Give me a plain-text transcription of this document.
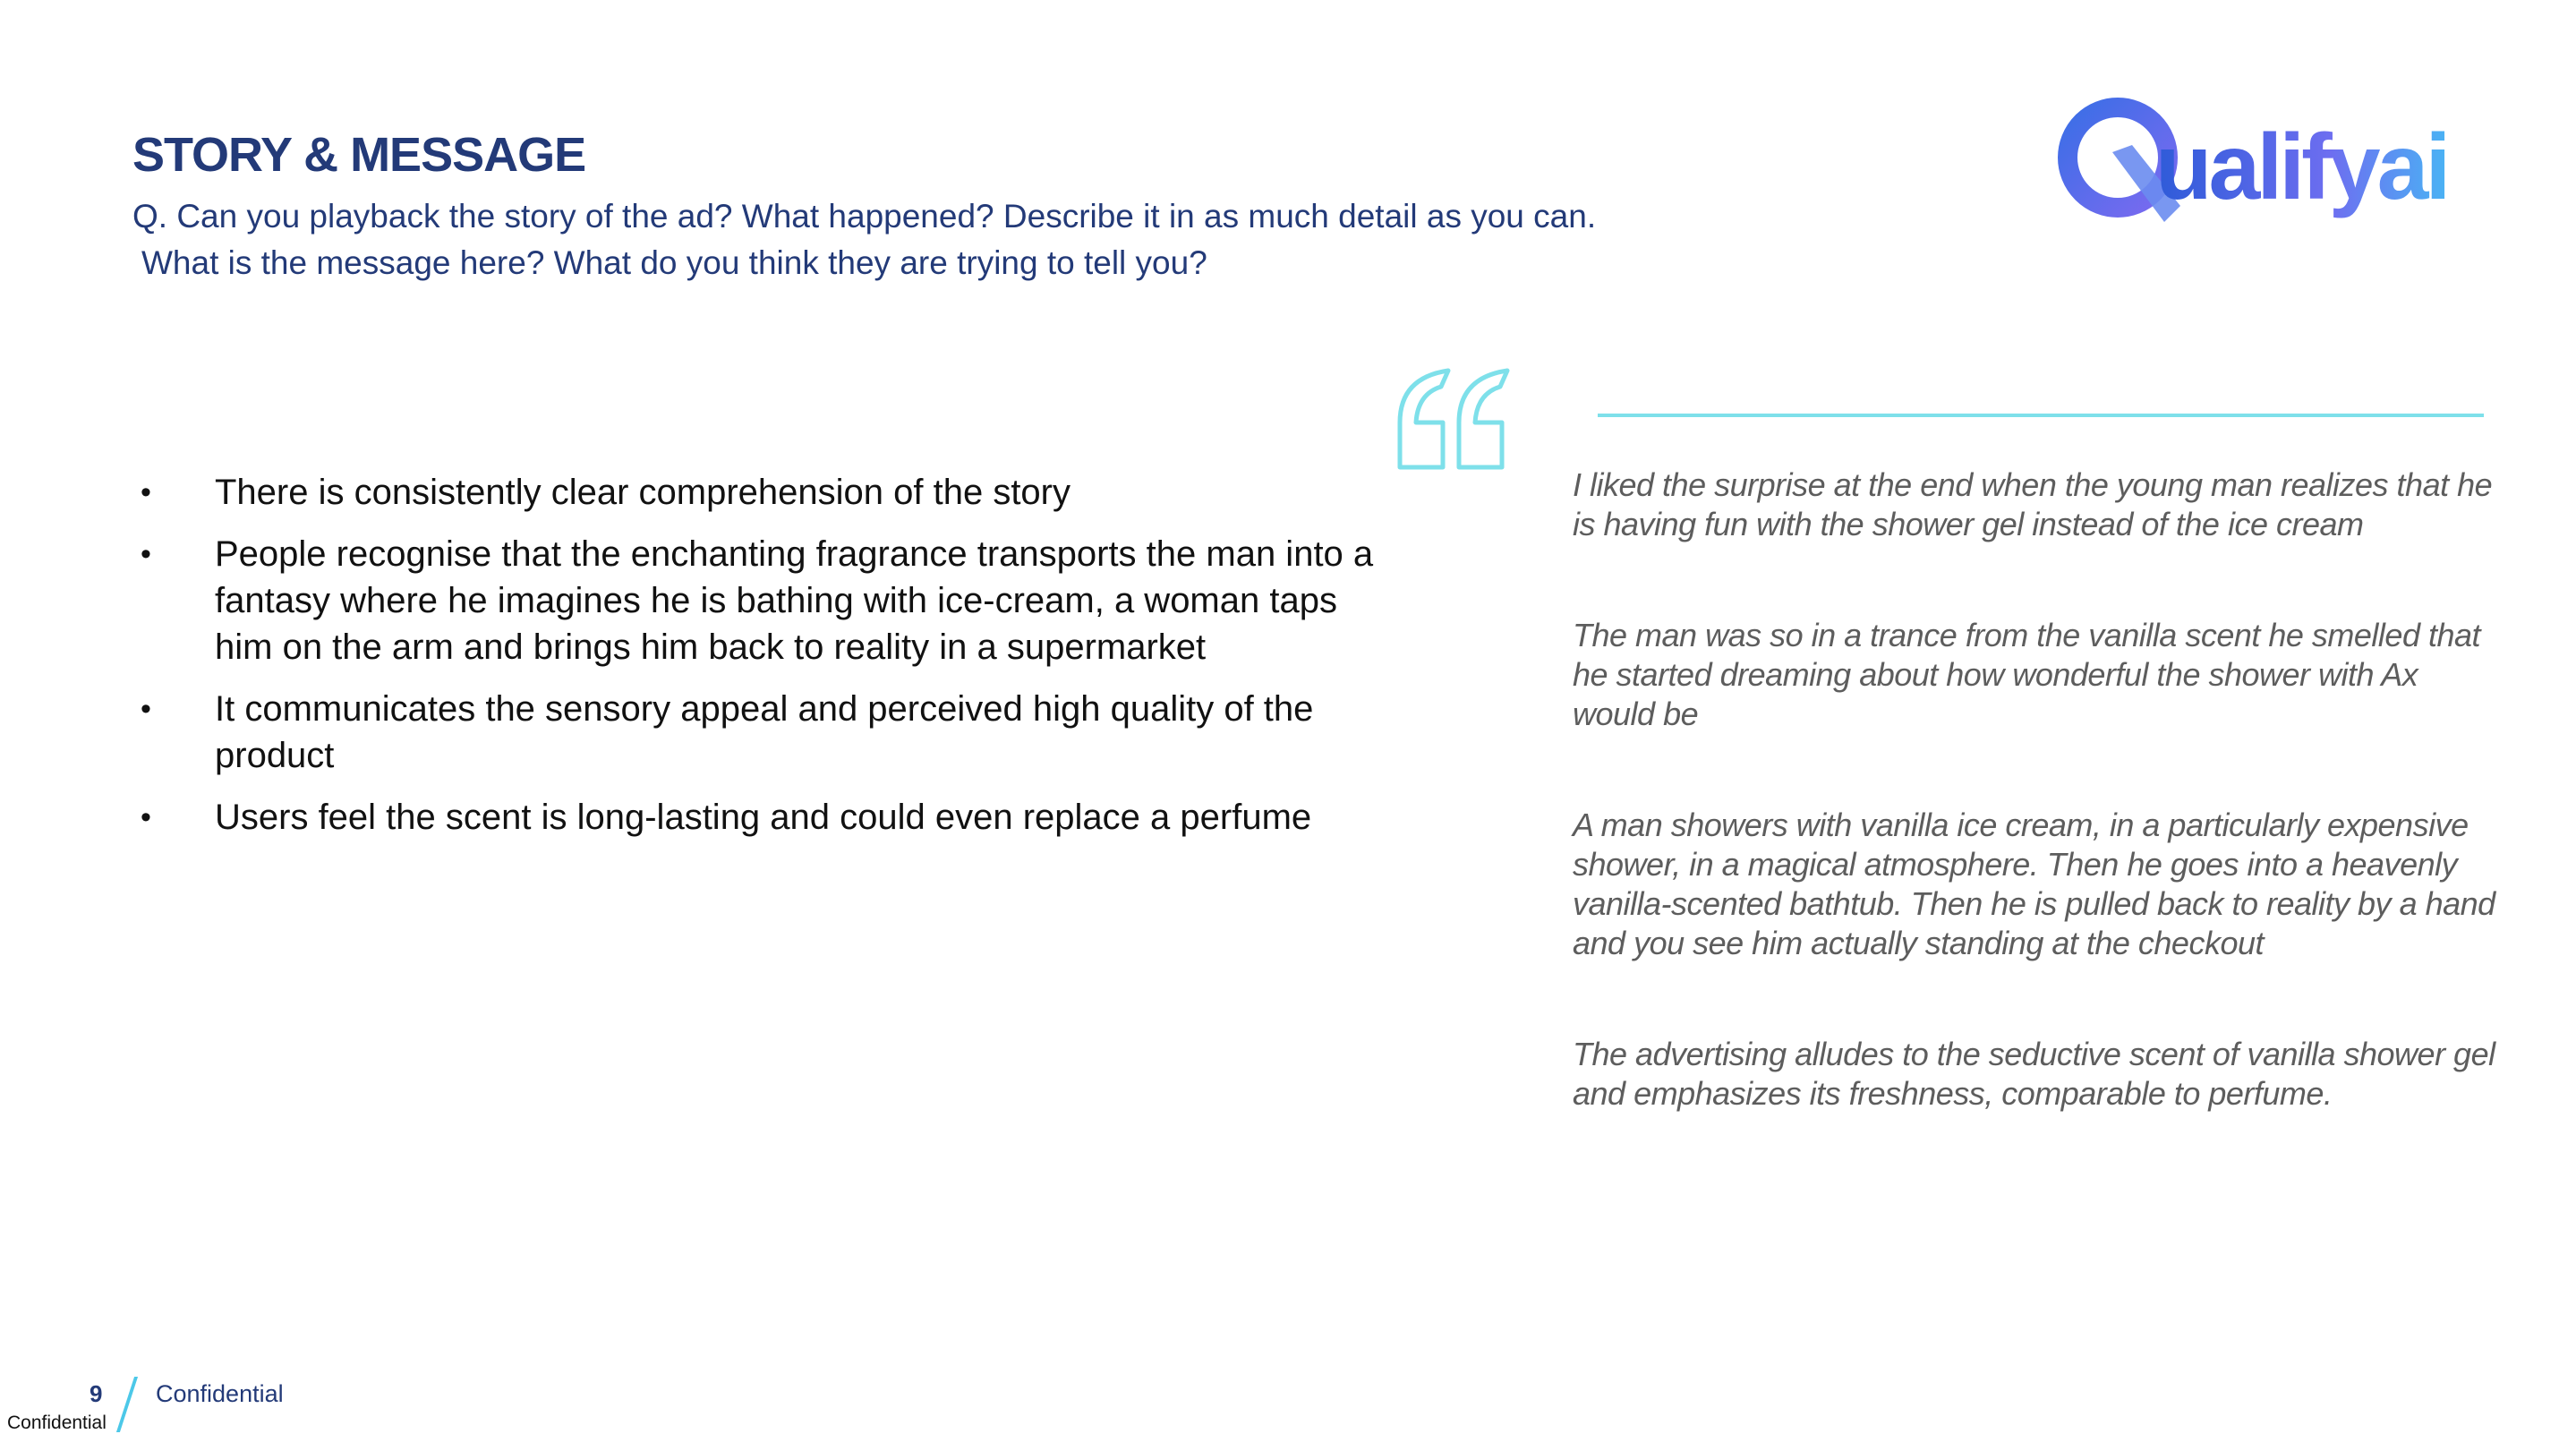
STORY & MESSAGE
Q. Can you playback the story of the ad? What happened? Describe it in as much detail as you can.
What is the message here? What do you think they are trying to tell you?
ualifyai
• There is consistently clear comprehension of the story
• People recognise that the enchanting fragrance transports the man into a fantasy where he imagines he is bathing with ice-cream, a woman taps him on the arm and brings him back to reality in a supermarket
• It communicates the sensory appeal and perceived high quality of the product
• Users feel the scent is long-lasting and could even replace a perfume

I liked the surprise at the end when the young man realizes that he is having fun with the shower gel instead of the ice cream

The man was so in a trance from the vanilla scent he smelled that he started dreaming about how wonderful the shower with Ax would be

A man showers with vanilla ice cream, in a particularly expensive shower, in a magical atmosphere. Then he goes into a heavenly vanilla-scented bathtub. Then he is pulled back to reality by a hand and you see him actually standing at the checkout

The advertising alludes to the seductive scent of vanilla shower gel and emphasizes its freshness, comparable to perfume.

9 Confidential
Confidential
